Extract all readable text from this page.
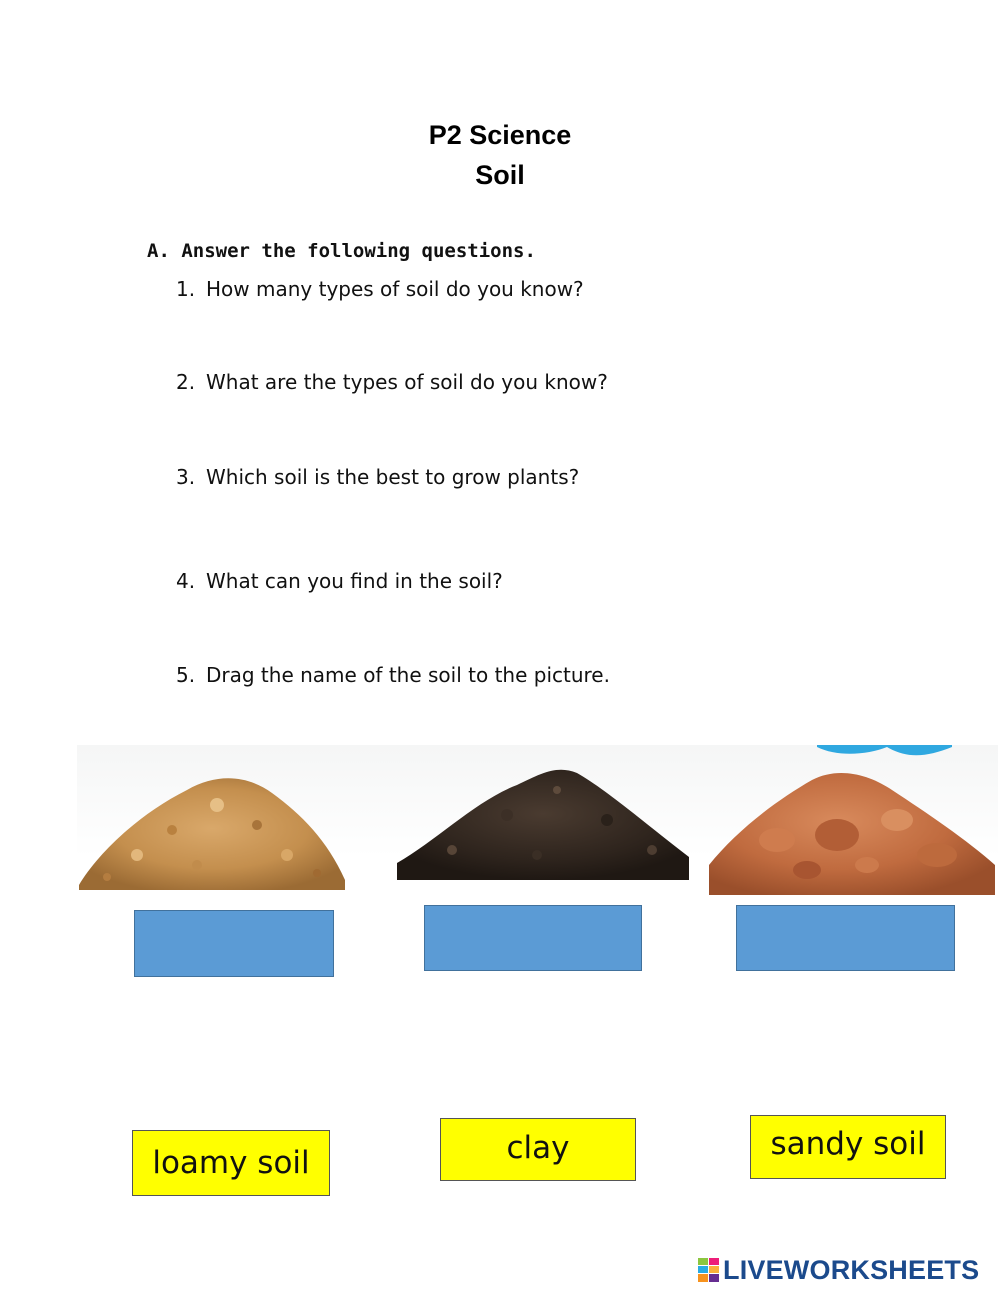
P2 Science
Soil
A. Answer the following questions.
1. How many types of soil do you know?
2. What are the types of soil do you know?
3. Which soil is the best to grow plants?
4. What can you find in the soil?
5. Drag the name of the soil to the picture.
loamy soil	clay	sandy soil
LIVEWORKSHEETS
